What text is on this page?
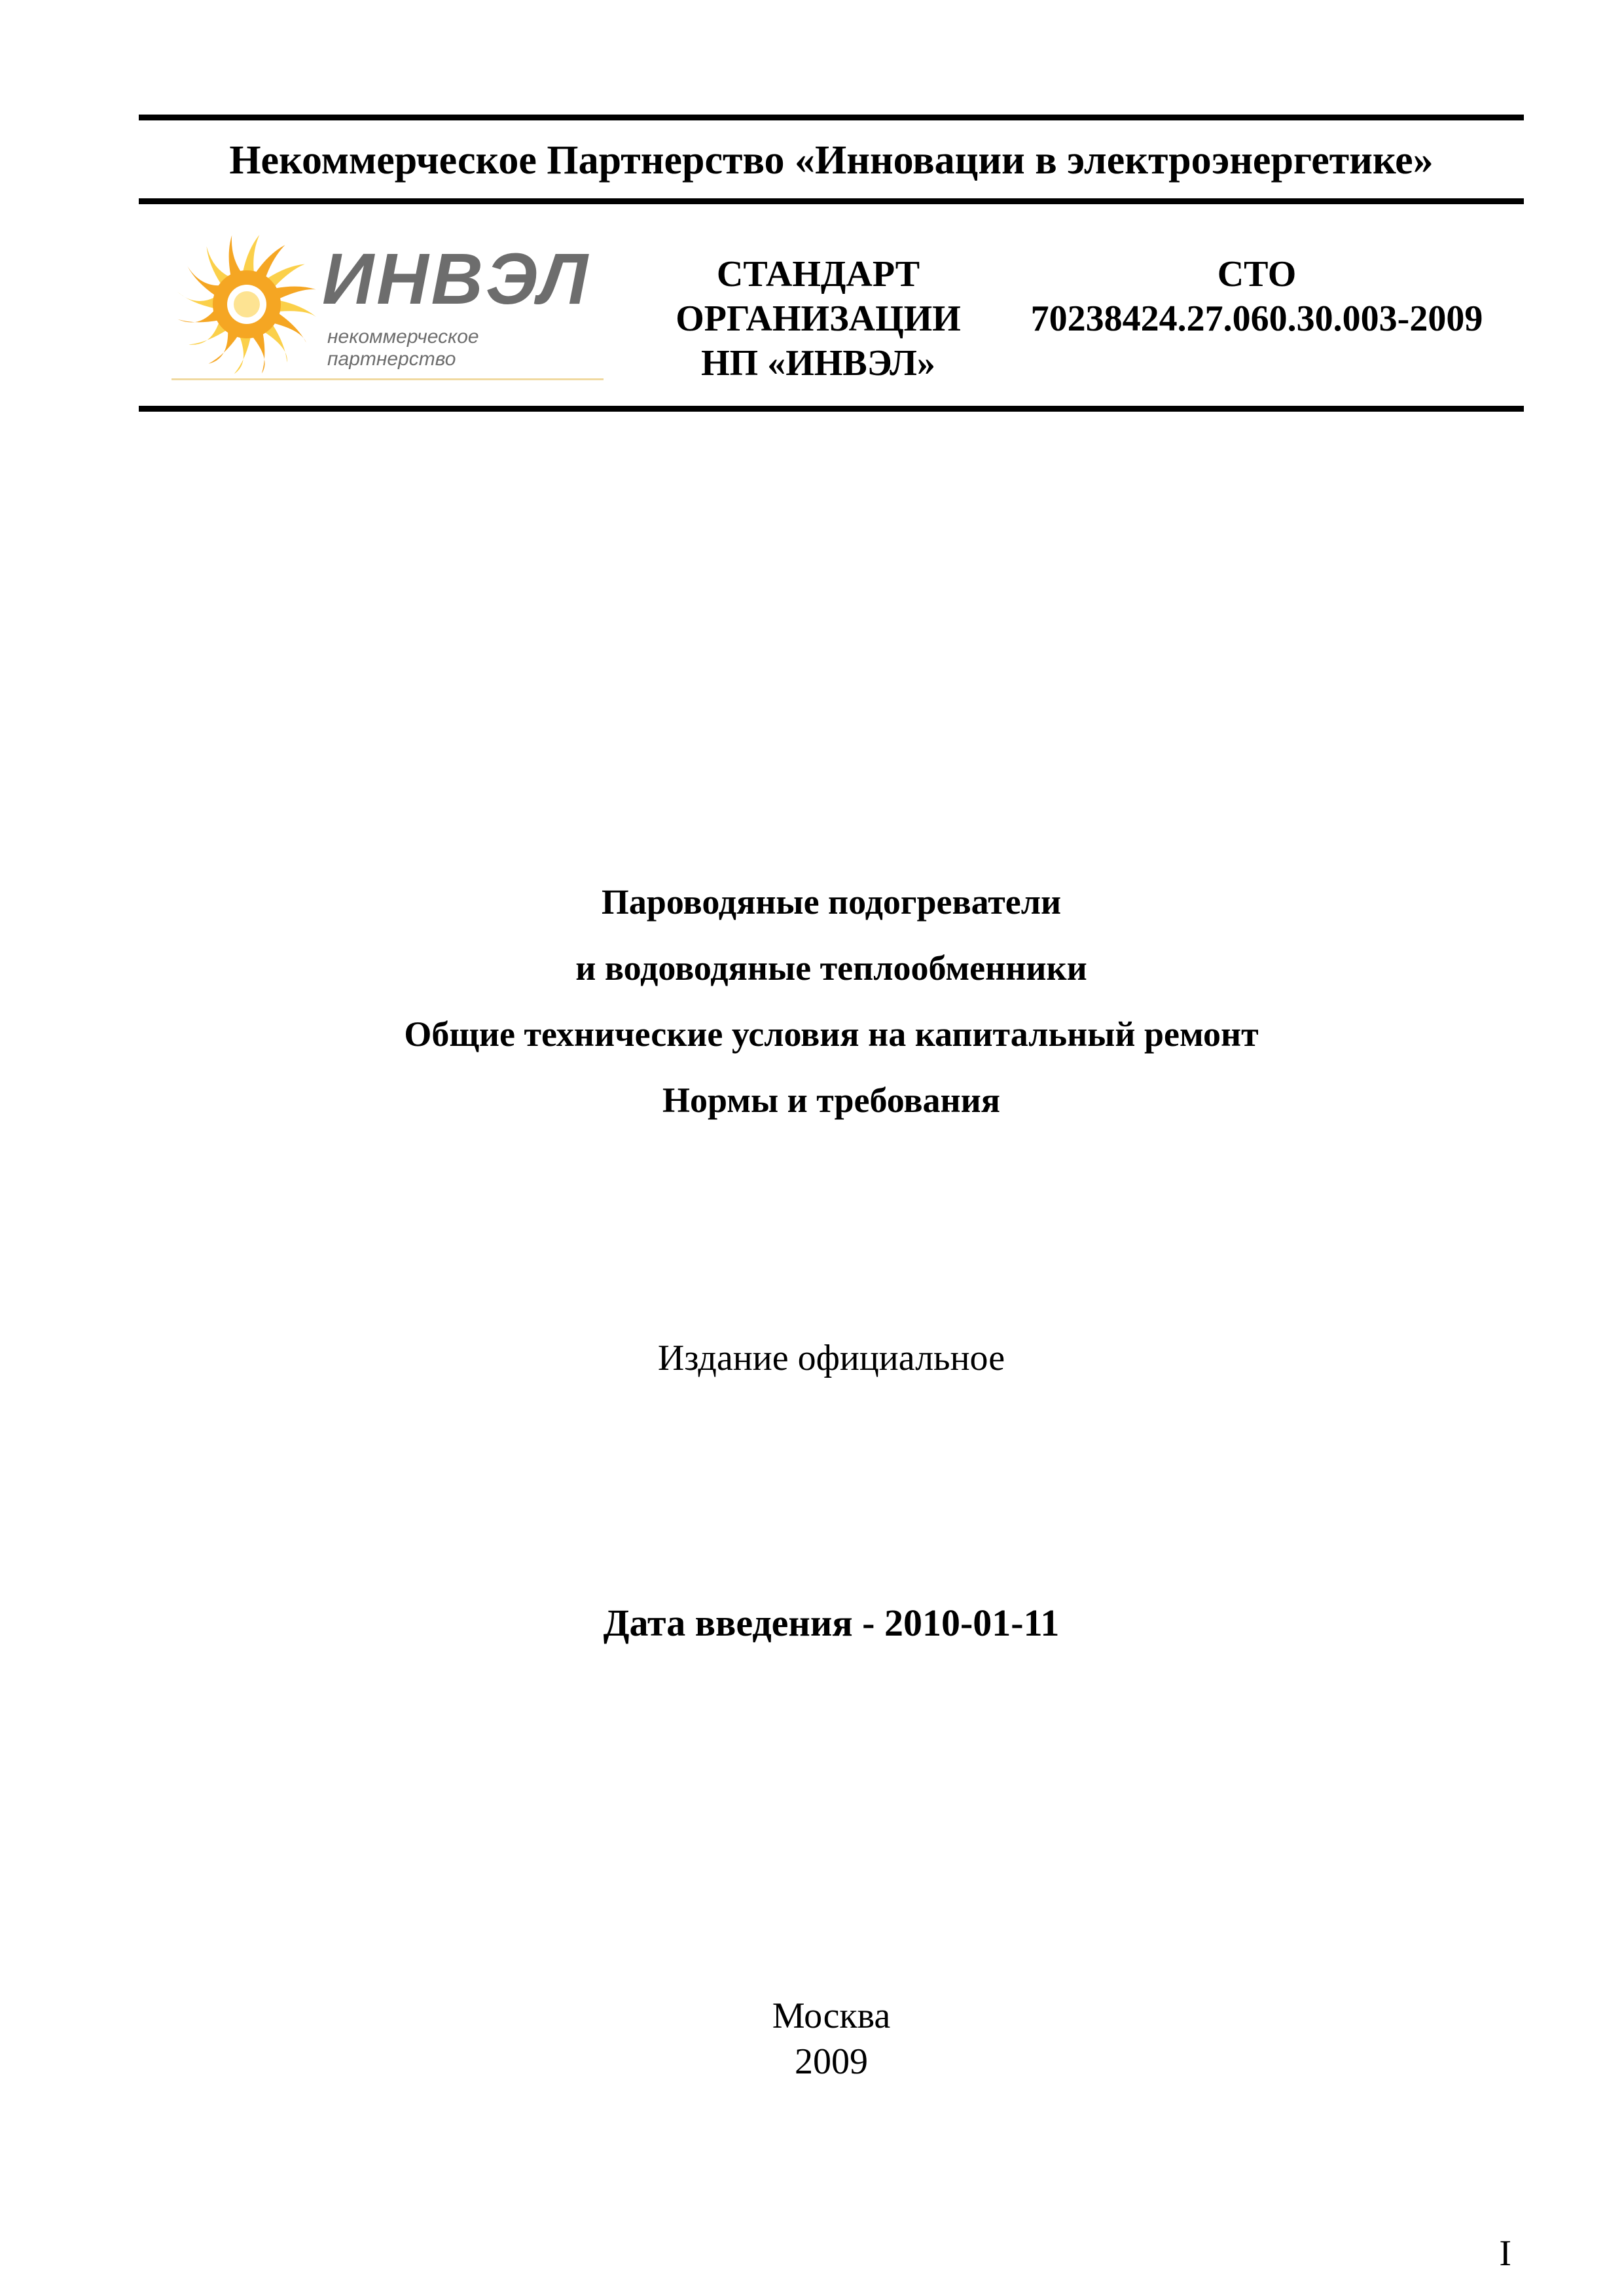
Некоммерческое Партнерство «Инновации в электроэнергетике»
ИНВЭЛ
некоммерческое партнерство
СТАНДАРТ
ОРГАНИЗАЦИИ
НП «ИНВЭЛ»
СТО
70238424.27.060.30.003-2009
Пароводяные подогреватели
и водоводяные теплообменники
Общие технические условия на капитальный ремонт
Нормы и требования
Издание официальное
Дата введения - 2010-01-11
Москва
2009
I
